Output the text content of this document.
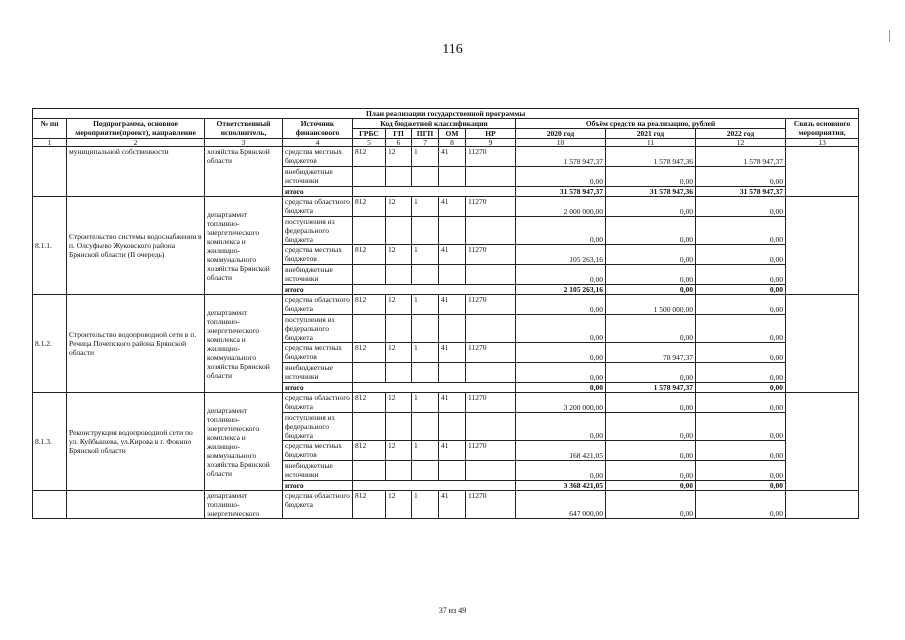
116
План реализации государственной программы												
№ пп	Подпрограмма, основное мероприятие(проект), направление	Ответственный исполнитель,	Источник финансового	Код бюджетной классификации					Объём средств на реализацию, рублей			Связь основного мероприятия,
				ГРБС	ГП	ПГП	ОМ	НР	2020 год	2021 год	2022 год	
1	2	3	4	5	6	7	8	9	10	11	12	13
	муниципальной собственности	хозяйства Брянской области	средства местных бюджетов	812	12	1	41	11270	1 578 947,37	1 578 947,36	1 578 947,37	
			внебюджетные источники						0,00	0,00	0,00	
			итого						31 578 947,37	31 578 947,36	31 578 947,37	
8.1.1.	Строительство системы водоснабжения в п. Олсуфьево Жуковского района Брянской области (II очередь)	департамент топливно-энергетического комплекса и жилищно-коммунального хозяйства Брянской области	средства областного бюджета	812	12	1	41	11270	2 000 000,00	0,00	0,00	
			поступления из федерального бюджета						0,00	0,00	0,00	
			средства местных бюджетов	812	12	1	41	11270	105 263,16	0,00	0,00	
			внебюджетные источники						0,00	0,00	0,00	
			итого						2 105 263,16	0,00	0,00	
8.1.2.	Строительство водопроводной сети в п. Речица Почепского района Брянской области	департамент топливно-энергетического комплекса и жилищно-коммунального хозяйства Брянской области	средства областного бюджета	812	12	1	41	11270	0,00	1 500 000,00	0,00	
			поступления из федерального бюджета						0,00	0,00	0,00	
			средства местных бюджетов	812	12	1	41	11270	0,00	78 947,37	0,00	
			внебюджетные источники						0,00	0,00	0,00	
			итого						0,00	1 578 947,37	0,00	
8.1.3.	Реконструкция водопроводной сети по ул. Куйбышева, ул.Кирова в г. Фокино Брянской области	департамент топливно-энергетического комплекса и жилищно-коммунального хозяйства Брянской области	средства областного бюджета	812	12	1	41	11270	3 200 000,00	0,00	0,00	
			поступления из федерального бюджета						0,00	0,00	0,00	
			средства местных бюджетов	812	12	1	41	11270	168 421,05	0,00	0,00	
			внебюджетные источники						0,00	0,00	0,00	
			итого						3 368 421,05	0,00	0,00	
		департамент топливно-энергетического	средства областного бюджета	812	12	1	41	11270	647 000,00	0,00	0,00	
37 из 49
